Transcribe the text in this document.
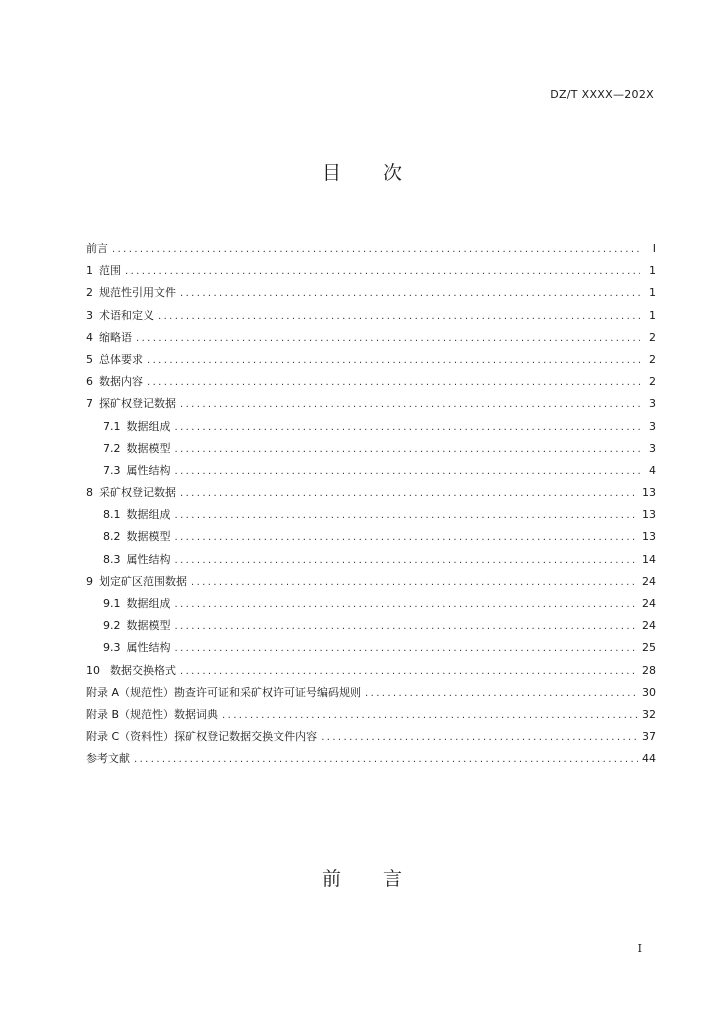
DZ/T XXXX—202X
目 次
前言 .....	I
1 范围 .....	1
2 规范性引用文件 .....	1
3 术语和定义 .....	1
4 缩略语 .....	2
5 总体要求 .....	2
6 数据内容 .....	2
7 探矿权登记数据 .....	3
7.1 数据组成 .....	3
7.2 数据模型 .....	3
7.3 属性结构 .....	4
8 采矿权登记数据 .....	13
8.1 数据组成 .....	13
8.2 数据模型 .....	13
8.3 属性结构 .....	14
9 划定矿区范围数据 .....	24
9.1 数据组成 .....	24
9.2 数据模型 .....	24
9.3 属性结构 .....	25
10 数据交换格式 .....	28
附录 A（规范性）勘查许可证和采矿权许可证号编码规则 .....	30
附录 B（规范性）数据词典 .....	32
附录 C（资料性）探矿权登记数据交换文件内容 .....	37
参考文献 .....	44
前 言
I
